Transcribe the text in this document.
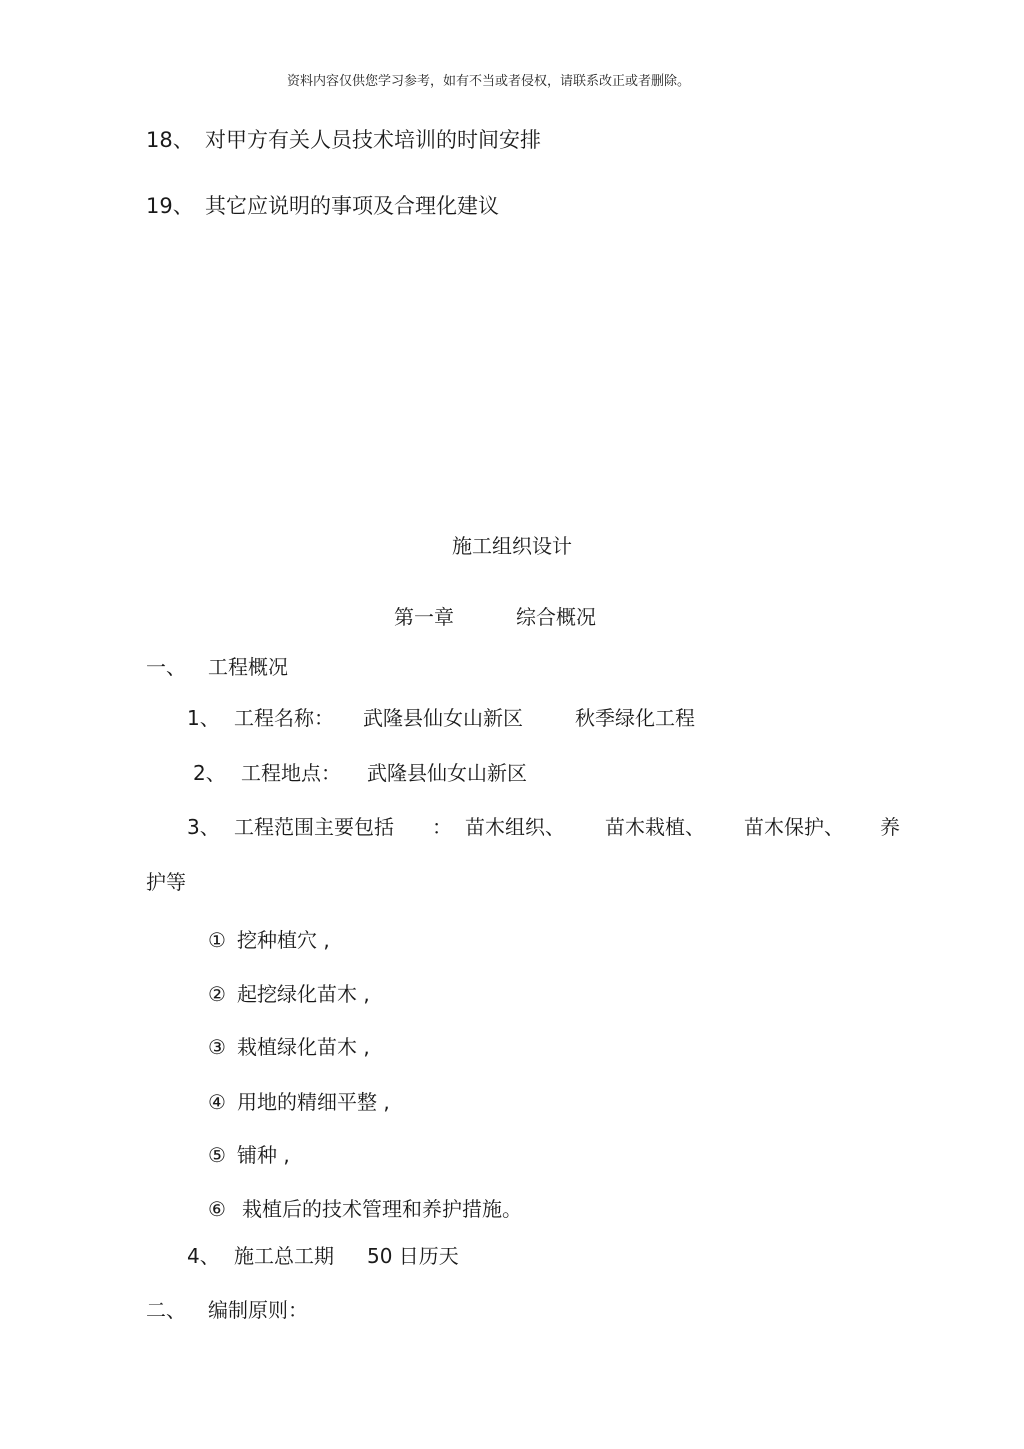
资料内容仅供您学习参考，如有不当或者侵权，请联系改正或者删除。
18、 对甲方有关人员技术培训的时间安排
19、 其它应说明的事项及合理化建议
施工组织设计
第一章	综合概况
一、 工程概况
1、 工程名称： 武隆县仙女山新区	秋季绿化工程
2、 工程地点： 武隆县仙女山新区
3、 工程范围主要包括 ： 苗木组织、 苗木栽植、 苗木保护、 养
护等
① 挖种植穴 ,
② 起挖绿化苗木 ,
③ 栽植绿化苗木 ,
④ 用地的精细平整 ,
⑤ 铺种 ,
⑥ 栽植后的技术管理和养护措施。
4、 施工总工期 50 日历天
二、 编制原则：
